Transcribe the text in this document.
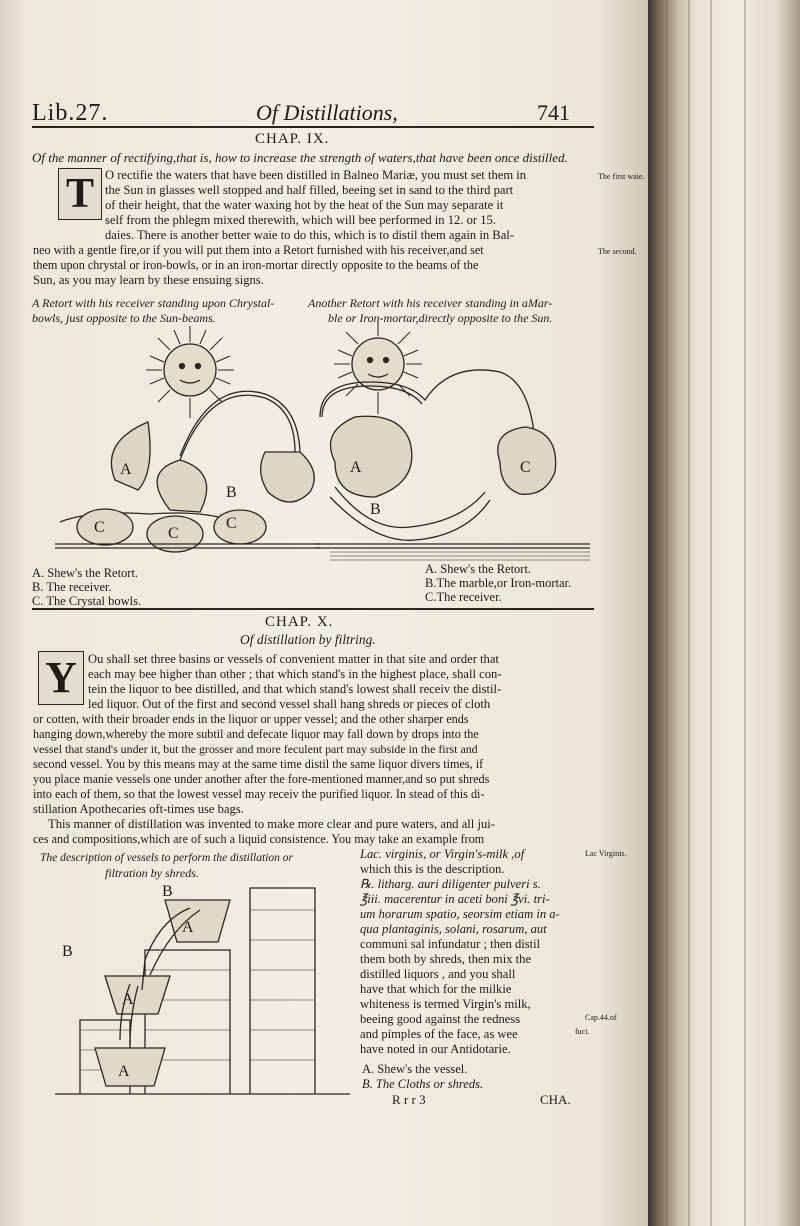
Lib.27.	Of Distillations,	741
CHAP. IX.
Of the manner of rectifying,that is, how to increase the strength of waters,that have been once distilled.
T O rectifie the waters that have been distilled in Balneo Mariæ, you must set them in
the Sun in glasses well stopped and half filled, beeing set in sand to the third part
of their height, that the water waxing hot by the heat of the Sun may separate it
self from the phlegm mixed therewith, which will bee performed in 12. or 15.
daies. There is another better waie to do this, which is to distil them again in Bal-
neo with a gentle fire,or if you will put them into a Retort furnished with his receiver,and set
them upon chrystal or iron-bowls, or in an iron-mortar directly opposite to the beams of the
Sun, as you may learn by these ensuing signs.
The first waie.
The second.
A Retort with his receiver standing upon Chrystal-
bowls, just opposite to the Sun-beams.
Another Retort with his receiver standing in aMar-
ble or Iron-mortar,directly opposite to the Sun.
A
B
C	C
C
A
B
C
A. Shew's the Retort.
B. The receiver.
C. The Crystal bowls.
A. Shew's the Retort.
B.The marble,or Iron-mortar.
C.The receiver.
CHAP. X.
Of distillation by filtring.
Y Ou shall set three basins or vessels of convenient matter in that site and order that
each may bee higher than other ; that which stand's in the highest place, shall con-
tein the liquor to bee distilled, and that which stand's lowest shall receiv the distil-
led liquor. Out of the first and second vessel shall hang shreds or pieces of cloth
or cotten, with their broader ends in the liquor or upper vessel; and the other sharper ends
hanging down,whereby the more subtil and defecate liquor may fall down by drops into the
vessel that stand's under it, but the grosser and more feculent part may subside in the first and
second vessel. You by this means may at the same time distil the same liquor divers times, if
you place manie vessels one under another after the fore-mentioned manner,and so put shreds
into each of them, so that the lowest vessel may receiv the purified liquor. In stead of this di-
stillation Apothecaries oft-times use bags.
This manner of distillation was invented to make more clear and pure waters, and all jui-
ces and compositions,which are of such a liquid consistence. You may take an example from
The description of vessels to perform the distillation or
filtration by shreds.
B
A
B
A
A
Lac. virginis, or Virgin's-milk ,of
which this is the description.
℞. litharg. auri diligenter pulveri s.
℥iii. macerentur in aceti boni ℥vi. tri-
um horarum spatio, seorsim etiam in a-
qua plantaginis, solani, rosarum, aut
communi sal infundatur ; then distil
them both by shreds, then mix the
distilled liquors , and you shall
have that which for the milkie
whiteness is termed Virgin's milk,
beeing good against the redness
and pimples of the face, as wee
have noted in our Antidotarie.
Lac Virginis.
Cap.44.of
fuci.
A. Shew's the vessel.
B. The Cloths or shreds.
R r r 3	CHA.
